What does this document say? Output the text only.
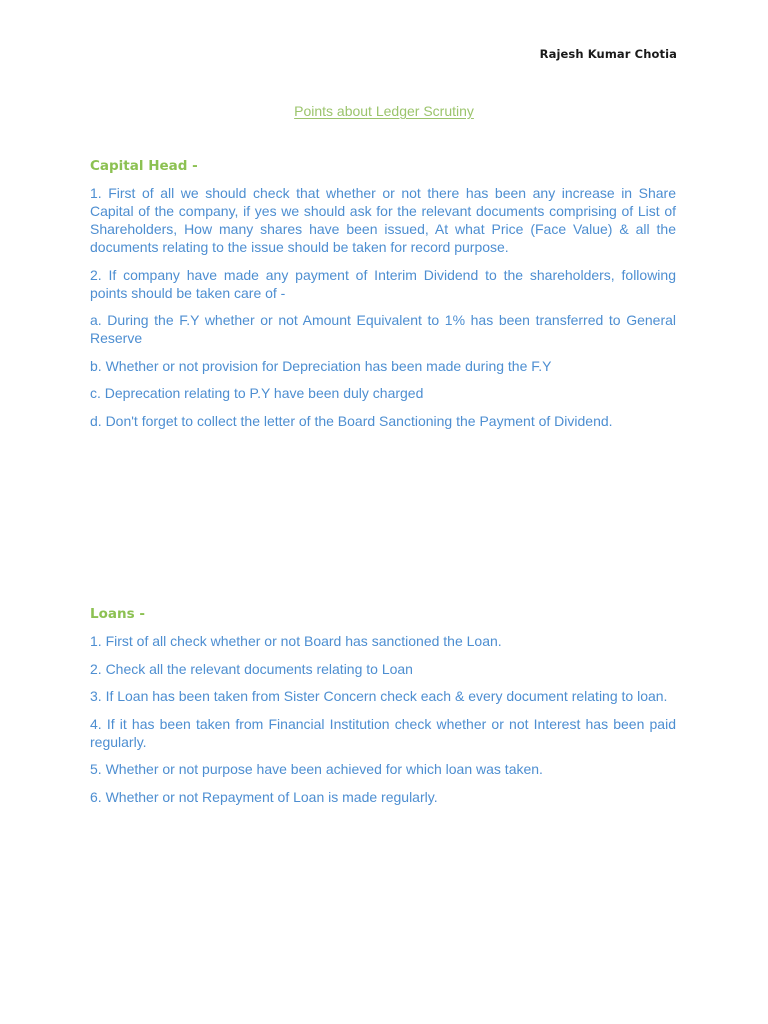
Rajesh Kumar Chotia
Points about Ledger Scrutiny
Capital Head -

1. First of all we should check that whether or not there has been any increase in Share Capital of the company, if yes we should ask for the relevant documents comprising of List of Shareholders, How many shares have been issued, At what Price (Face Value) & all the documents relating to the issue should be taken for record purpose.

2. If company have made any payment of Interim Dividend to the shareholders, following points should be taken care of -

a. During the F.Y whether or not Amount Equivalent to 1% has been transferred to General Reserve

b. Whether or not provision for Depreciation has been made during the F.Y

c. Deprecation relating to P.Y have been duly charged

d. Don't forget to collect the letter of the Board Sanctioning the Payment of Dividend.

Loans -

1. First of all check whether or not Board has sanctioned the Loan.

2. Check all the relevant documents relating to Loan

3. If Loan has been taken from Sister Concern check each & every document relating to loan.

4. If it has been taken from Financial Institution check whether or not Interest has been paid regularly.

5. Whether or not purpose have been achieved for which loan was taken.

6. Whether or not Repayment of Loan is made regularly.
